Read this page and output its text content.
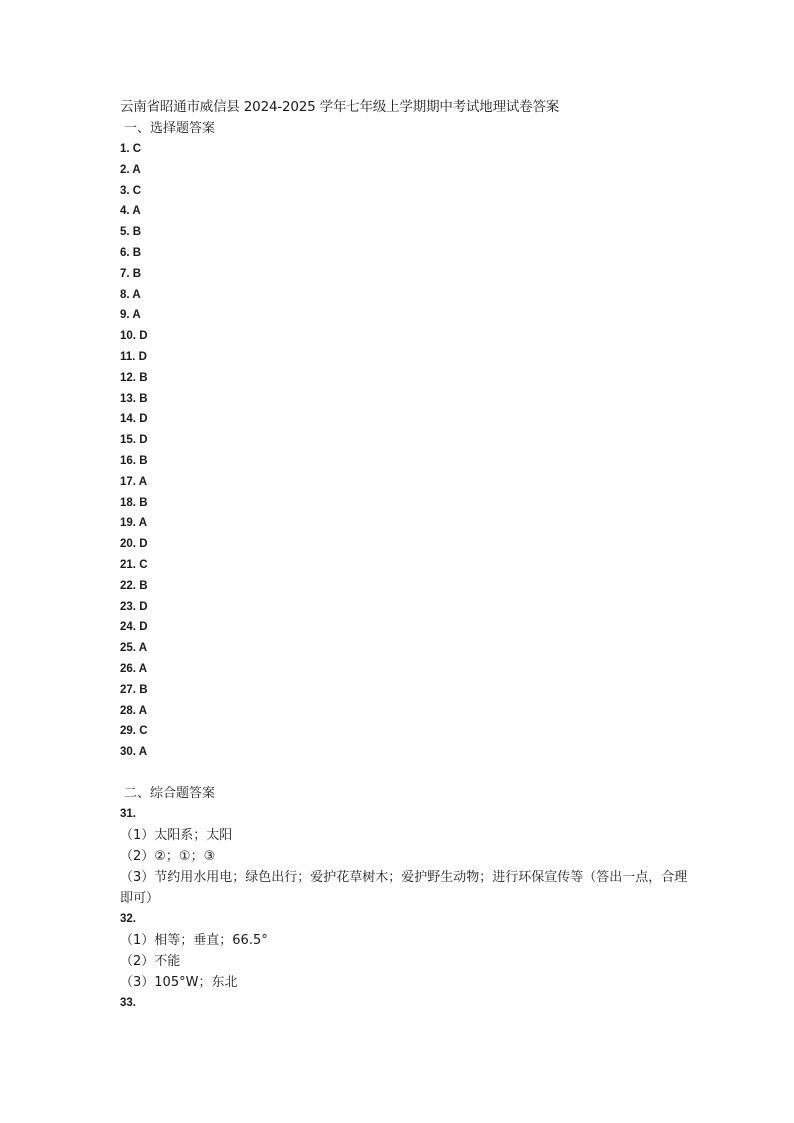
云南省昭通市威信县 2024-2025 学年七年级上学期期中考试地理试卷答案
一、选择题答案
1. C
2. A
3. C
4. A
5. B
6. B
7. B
8. A
9. A
10. D
11. D
12. B
13. B
14. D
15. D
16. B
17. A
18. B
19. A
20. D
21. C
22. B
23. D
24. D
25. A
26. A
27. B
28. A
29. C
30. A
二、综合题答案
31.
（1）太阳系；太阳
（2）②；①；③
（3）节约用水用电；绿色出行；爱护花草树木；爱护野生动物；进行环保宣传等（答出一点，合理即可）
32.
（1）相等；垂直；66.5°
（2）不能
（3）105°W；东北
33.
